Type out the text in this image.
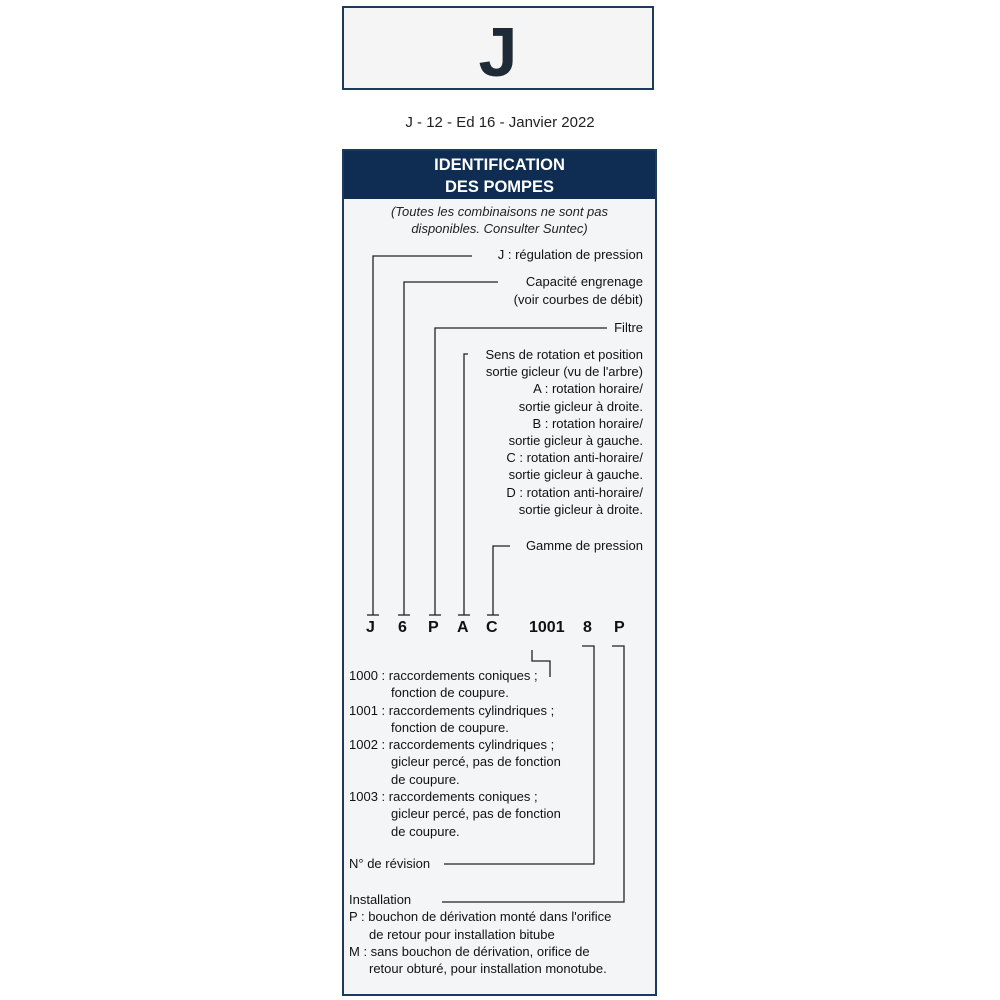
J
J - 12 - Ed 16 - Janvier 2022
IDENTIFICATION
DES POMPES
(Toutes les combinaisons ne sont pas
disponibles. Consulter Suntec)
J : régulation de pression
Capacité engrenage
(voir courbes de débit)
Filtre
Sens de rotation et position
sortie gicleur (vu de l'arbre)
A : rotation horaire/
sortie gicleur à droite.
B : rotation horaire/
sortie gicleur à gauche.
C : rotation anti-horaire/
sortie gicleur à gauche.
D : rotation anti-horaire/
sortie gicleur à droite.
Gamme de pression
J 6 P A C 1001 8 P
1000 : raccordements coniques ;
fonction de coupure.
1001 : raccordements cylindriques ;
fonction de coupure.
1002 : raccordements cylindriques ;
gicleur percé, pas de fonction
de coupure.
1003 : raccordements coniques ;
gicleur percé, pas de fonction
de coupure.
N° de révision
Installation
P : bouchon de dérivation monté dans l'orifice
de retour pour installation bitube
M : sans bouchon de dérivation, orifice de
retour obturé, pour installation monotube.
